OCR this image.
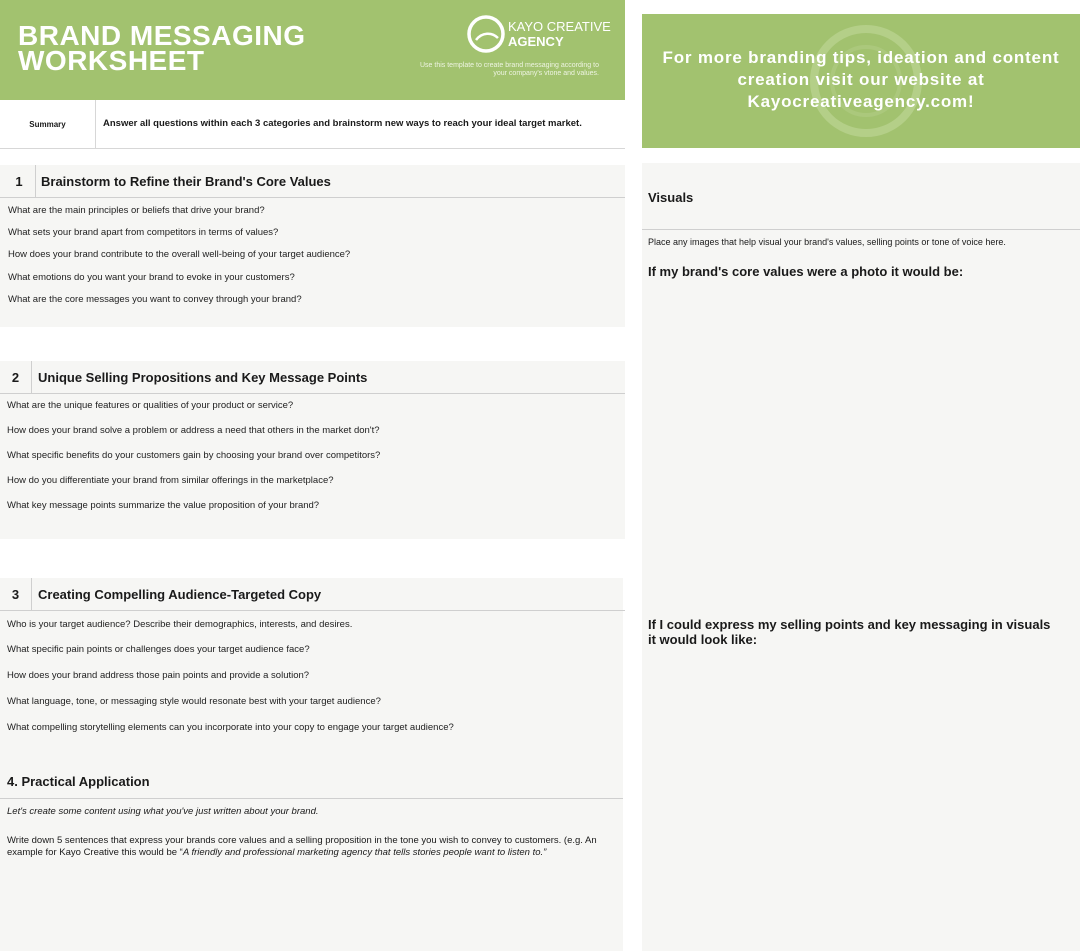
BRAND MESSAGING
WORKSHEET
KAYO CREATIVE
AGENCY
Use this template to create brand messaging according to your company's vtone and values.
Summary	Answer all questions within each 3 categories and brainstorm new ways to reach your ideal target market.
1	Brainstorm to Refine their Brand's Core Values
What are the main principles or beliefs that drive your brand?
What sets your brand apart from competitors in terms of values?
How does your brand contribute to the overall well-being of your target audience?
What emotions do you want your brand to evoke in your customers?
What are the core messages you want to convey through your brand?
2	Unique Selling Propositions and Key Message Points
What are the unique features or qualities of your product or service?
How does your brand solve a problem or address a need that others in the market don't?
What specific benefits do your customers gain by choosing your brand over competitors?
How do you differentiate your brand from similar offerings in the marketplace?
What key message points summarize the value proposition of your brand?
3	Creating Compelling Audience-Targeted Copy
Who is your target audience? Describe their demographics, interests, and desires.
What specific pain points or challenges does your target audience face?
How does your brand address those pain points and provide a solution?
What language, tone, or messaging style would resonate best with your target audience?
What compelling storytelling elements can you incorporate into your copy to engage your target audience?
4. Practical Application
Let's create some content using what you've just written about your brand.
Write down 5 sentences that express your brands core values and a selling proposition in the tone you wish to convey to customers. (e.g. An example for Kayo Creative this would be “A friendly and professional marketing agency that tells stories people want to listen to.”
For more branding tips, ideation and content creation visit our website at Kayocreativeagency.com!
Visuals
Place any images that help visual your brand's values, selling points or tone of voice here.
If my brand's core values were a photo it would be:
If I could express my selling points and key messaging in visuals it would look like:
